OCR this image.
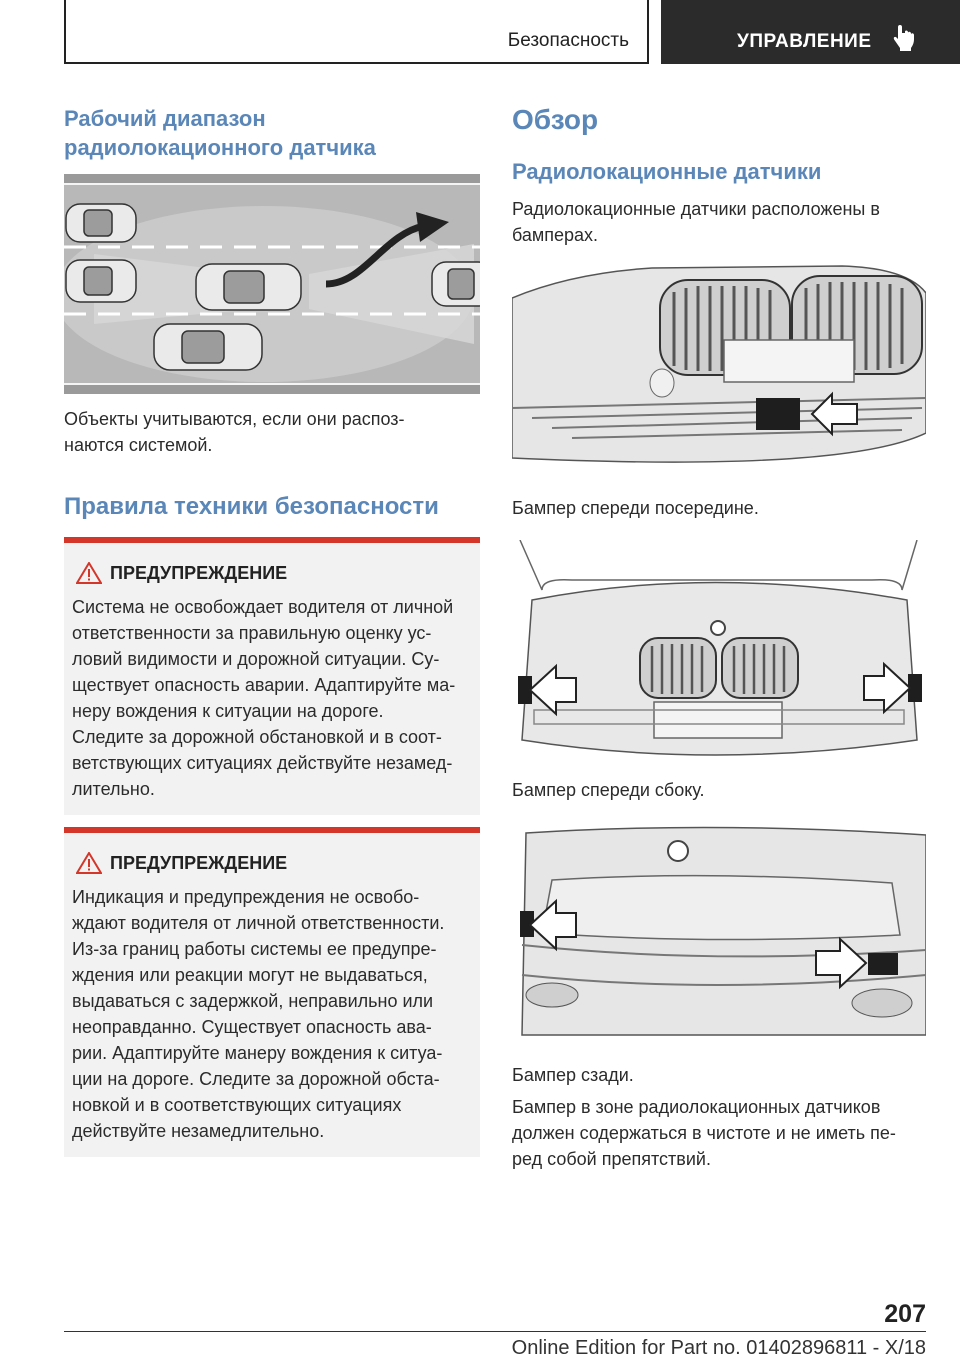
Безопасность	УПРАВЛЕНИЕ
Рабочий диапазон
радиолокационного датчика
Объекты учитываются, если они распоз-
наются системой.
Правила техники безопасности
ПРЕДУПРЕЖДЕНИЕ
Система не освобождает водителя от личной
ответственности за правильную оценку ус-
ловий видимости и дорожной ситуации. Су-
ществует опасность аварии. Адаптируйте ма-
неру вождения к ситуации на дороге.
Следите за дорожной обстановкой и в соот-
ветствующих ситуациях действуйте незамед-
лительно.
ПРЕДУПРЕЖДЕНИЕ
Индикация и предупреждения не освобо-
ждают водителя от личной ответственности.
Из-за границ работы системы ее предупре-
ждения или реакции могут не выдаваться,
выдаваться с задержкой, неправильно или
неоправданно. Существует опасность ава-
рии. Адаптируйте манеру вождения к ситуа-
ции на дороге. Следите за дорожной обста-
новкой и в соответствующих ситуациях
действуйте незамедлительно.
Обзор
Радиолокационные датчики
Радиолокационные датчики расположены в
бамперах.
Бампер спереди посередине.
Бампер спереди сбоку.
Бампер сзади.
Бампер в зоне радиолокационных датчиков
должен содержаться в чистоте и не иметь пе-
ред собой препятствий.
207
Online Edition for Part no. 01402896811 - X/18
